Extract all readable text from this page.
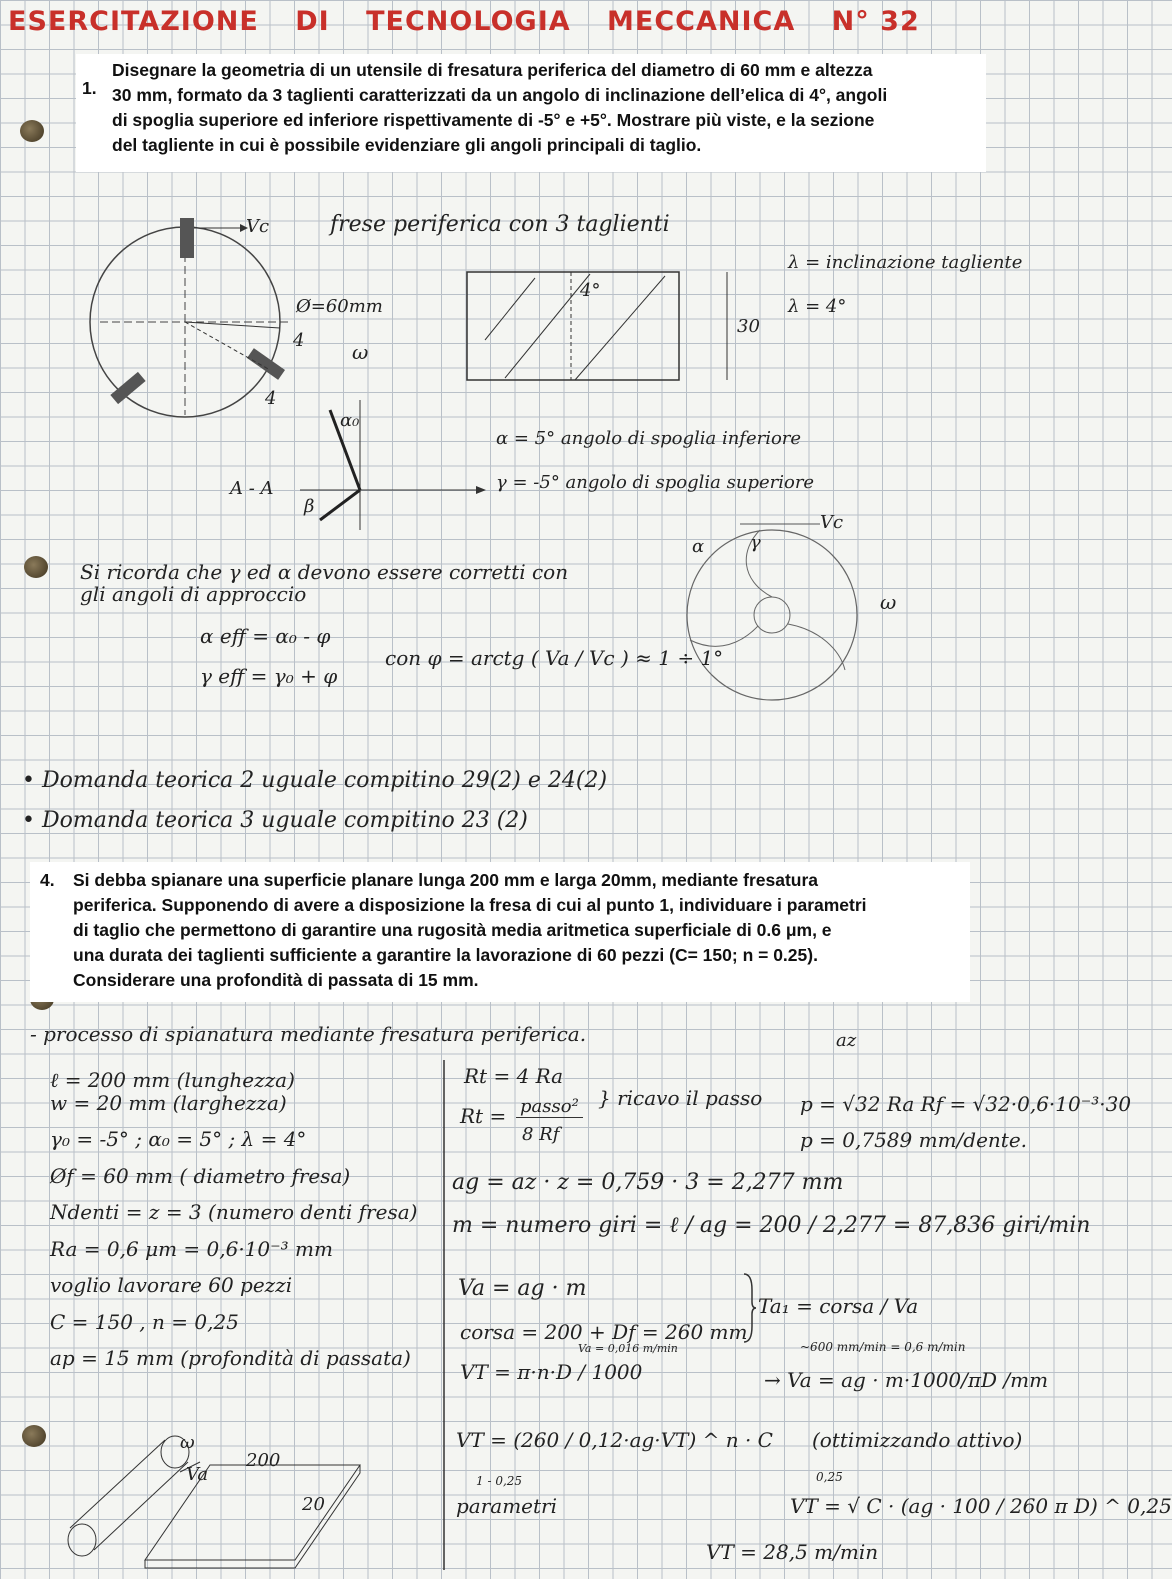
ESERCITAZIONE DI TECNOLOGIA MECCANICA N° 32
1.
Disegnare la geometria di un utensile di fresatura periferica del diametro di 60 mm e altezza
30 mm, formato da 3 taglienti caratterizzati da un angolo di inclinazione dell’elica di 4°, angoli
di spoglia superiore ed inferiore rispettivamente di -5° e +5°. Mostrare più viste, e la sezione
del tagliente in cui è possibile evidenziare gli angoli principali di taglio.
Vc
Ø=60mm
ω
4
4
α₀
β
A - A
frese periferica con 3 taglienti
4°
30
λ = inclinazione tagliente
λ = 4°
α = 5° angolo di spoglia inferiore
γ = -5° angolo di spoglia superiore
α	γ
Vc
ω
Si ricorda che γ ed α devono essere corretti con
gli angoli di approccio
α eff = α₀ - φ
γ eff = γ₀ + φ
con φ = arctg ( Va / Vc ) ≈ 1 ÷ 1°
• Domanda teorica 2 uguale compitino 29(2) e 24(2)
• Domanda teorica 3 uguale compitino 23 (2)
4. Si debba spianare una superficie planare lunga 200 mm e larga 20mm, mediante fresatura
periferica. Supponendo di avere a disposizione la fresa di cui al punto 1, individuare i parametri
di taglio che permettono di garantire una rugosità media aritmetica superficiale di 0.6 μm, e
una durata dei taglienti sufficiente a garantire la lavorazione di 60 pezzi (C= 150; n = 0.25).
Considerare una profondità di passata di 15 mm.
- processo di spianatura mediante fresatura periferica.
ℓ = 200 mm (lunghezza)
w = 20 mm (larghezza)
γ₀ = -5° ; α₀ = 5° ; λ = 4°
Øf = 60 mm ( diametro fresa)
Ndenti = z = 3 (numero denti fresa)
Ra = 0,6 μm = 0,6·10⁻³ mm
voglio lavorare 60 pezzi
C = 150 , n = 0,25
ap = 15 mm (profondità di passata)
Rt = 4 Ra
Rt = passo²
8 Rf
} ricavo il passo
az
p = √32 Ra Rf = √32·0,6·10⁻³·30
p = 0,7589 mm/dente.
ag = az · z = 0,759 · 3 = 2,277 mm
m = numero giri = ℓ / ag = 200 / 2,277 = 87,836 giri/min
Va = ag · m
corsa = 200 + Df = 260 mm
Ta₁ = corsa / Va
Va = 0,016 m/min	~600 mm/min = 0,6 m/min
VT = π·n·D / 1000	→ Va = ag · m·1000/πD /mm
VT = (260 / 0,12·ag·VT) ^ n · C (ottimizzando attivo)
1 - 0,25	0,25
parametri	VT = √ C · (ag · 100 / 260 π D) ^ 0,25
VT = 28,5 m/min
200
20
ω
Va
